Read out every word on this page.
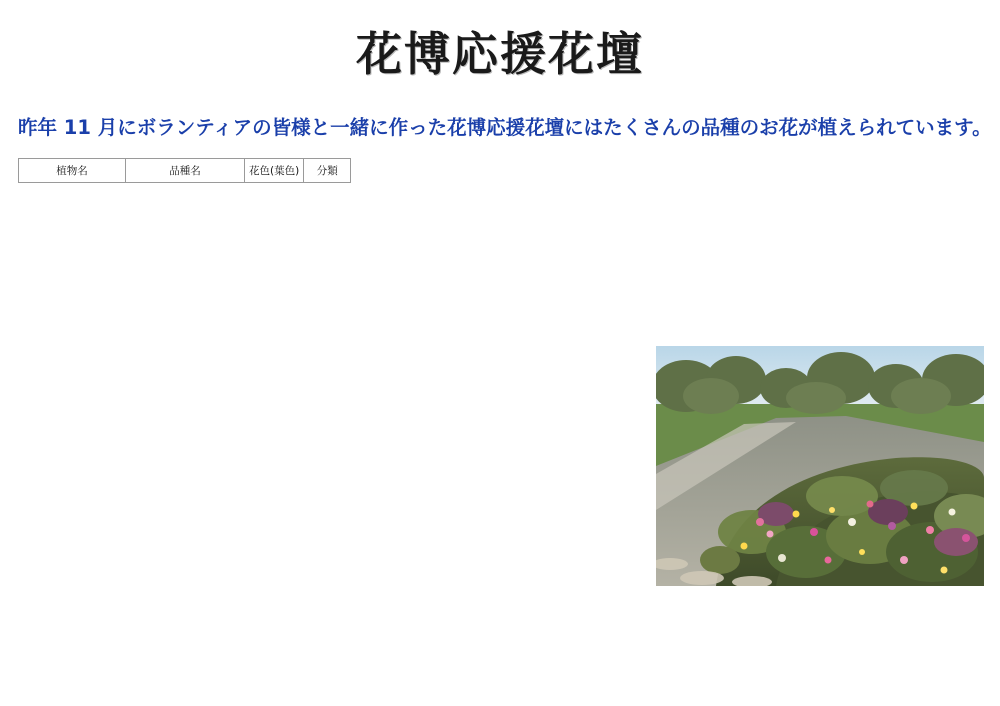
花博応援花壇
昨年 11 月にボランティアの皆様と一緒に作った花博応援花壇にはたくさんの品種のお花が植えられています。
植物名	品種名	花色(葉色)	分類
